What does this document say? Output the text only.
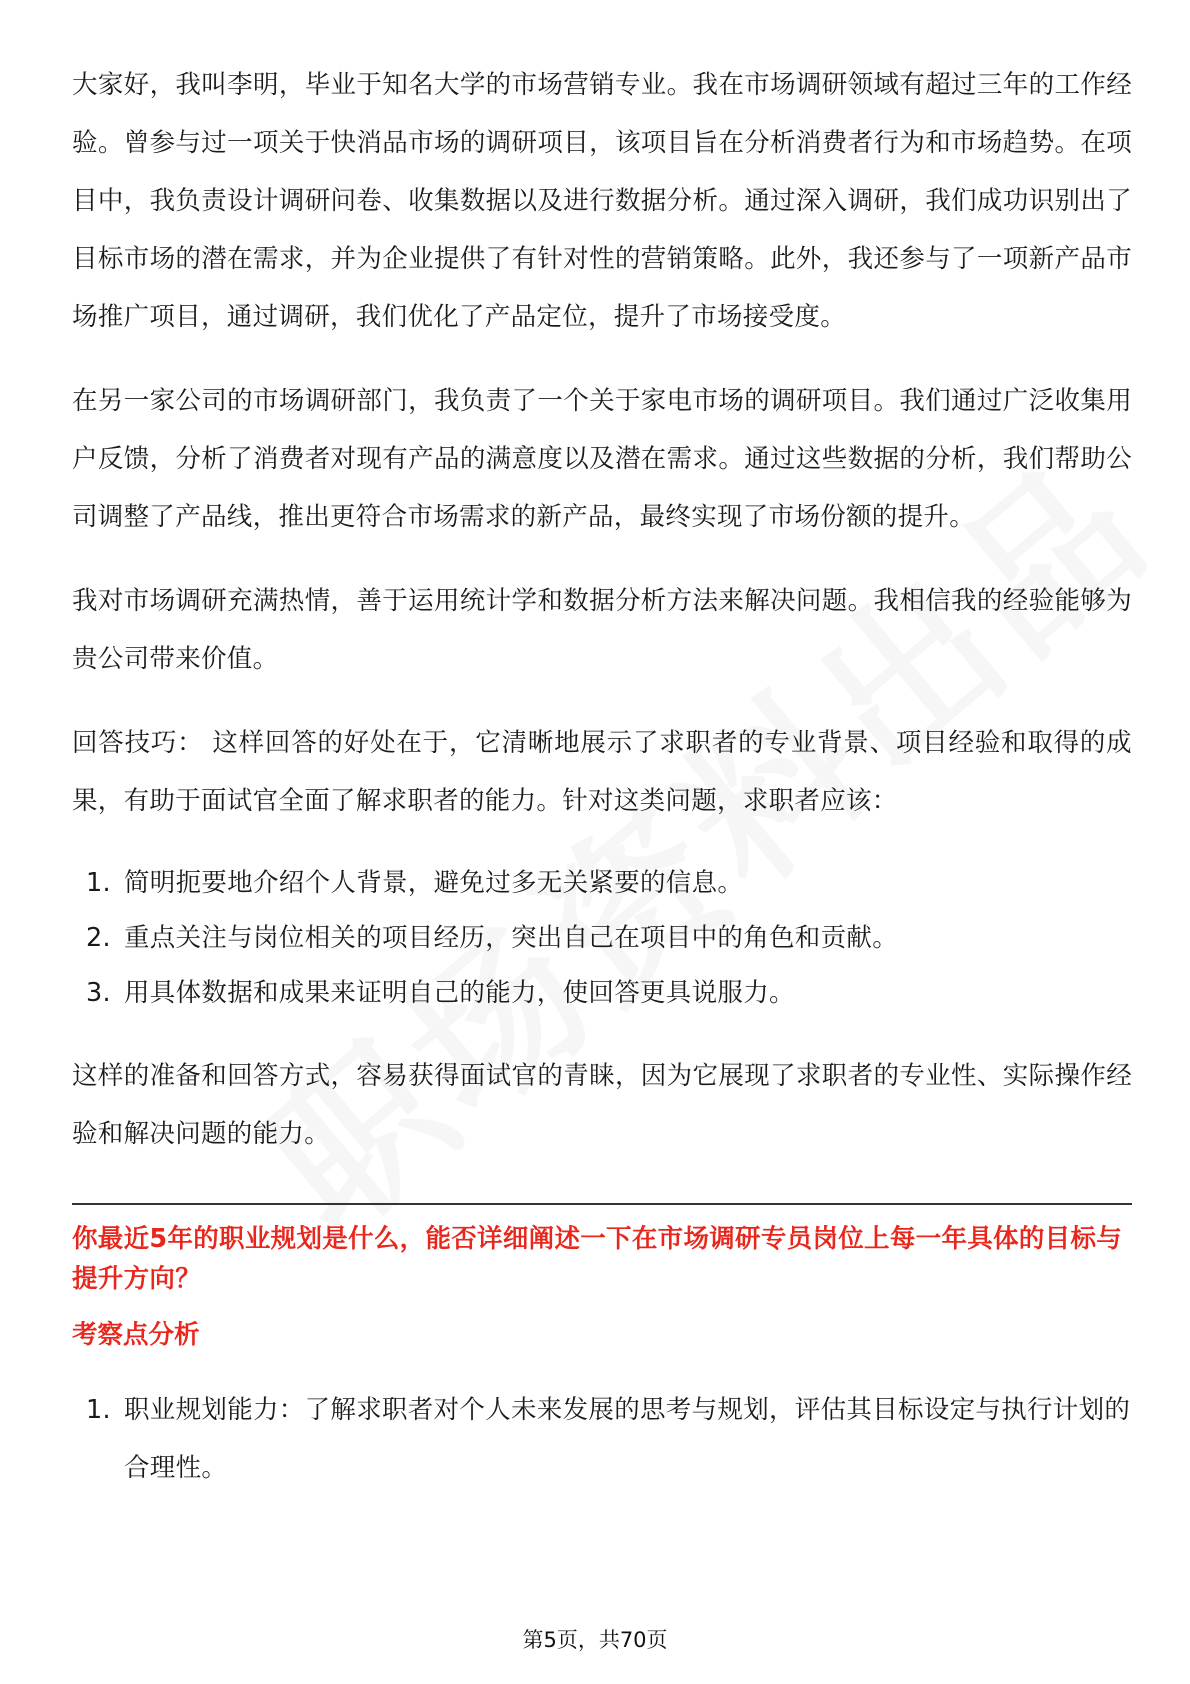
大家好，我叫李明，毕业于知名大学的市场营销专业。我在市场调研领域有超过三年的工作经验。曾参与过一项关于快消品市场的调研项目，该项目旨在分析消费者行为和市场趋势。在项目中，我负责设计调研问卷、收集数据以及进行数据分析。通过深入调研，我们成功识别出了目标市场的潜在需求，并为企业提供了有针对性的营销策略。此外，我还参与了一项新产品市场推广项目，通过调研，我们优化了产品定位，提升了市场接受度。

在另一家公司的市场调研部门，我负责了一个关于家电市场的调研项目。我们通过广泛收集用户反馈，分析了消费者对现有产品的满意度以及潜在需求。通过这些数据的分析，我们帮助公司调整了产品线，推出更符合市场需求的新产品，最终实现了市场份额的提升。

我对市场调研充满热情，善于运用统计学和数据分析方法来解决问题。我相信我的经验能够为贵公司带来价值。

回答技巧： 这样回答的好处在于，它清晰地展示了求职者的专业背景、项目经验和取得的成果，有助于面试官全面了解求职者的能力。针对这类问题，求职者应该：

1. 简明扼要地介绍个人背景，避免过多无关紧要的信息。
2. 重点关注与岗位相关的项目经历，突出自己在项目中的角色和贡献。
3. 用具体数据和成果来证明自己的能力，使回答更具说服力。

这样的准备和回答方式，容易获得面试官的青睐，因为它展现了求职者的专业性、实际操作经验和解决问题的能力。

你最近5年的职业规划是什么，能否详细阐述一下在市场调研专员岗位上每一年具体的目标与提升方向？
考察点分析
1. 职业规划能力：了解求职者对个人未来发展的思考与规划，评估其目标设定与执行计划的合理性。
第5页，共70页
